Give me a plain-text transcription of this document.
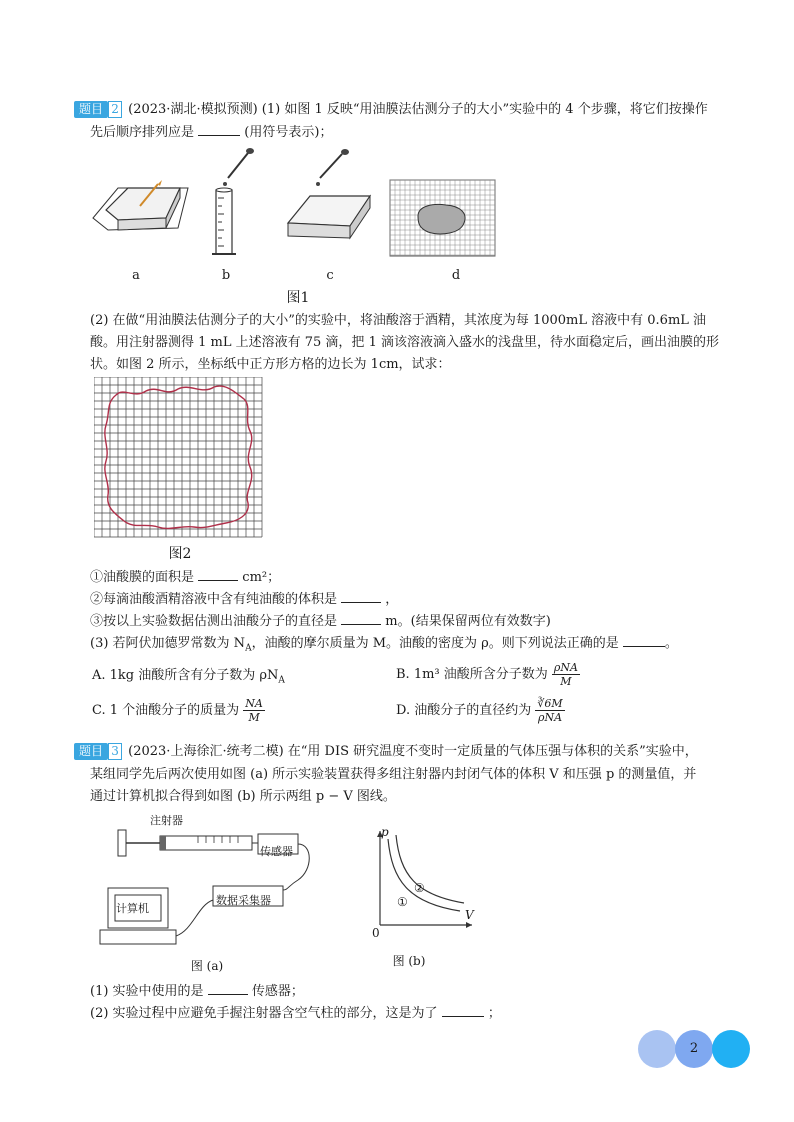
题目 2 (2023·湖北·模拟预测) (1) 如图 1 反映“用油膜法估测分子的大小”实验中的 4 个步骤，将它们按操作
先后顺序排列应是	(用符号表示)；
a	b	c	d
图1
(2) 在做“用油膜法估测分子的大小”的实验中，将油酸溶于酒精，其浓度为每 1000mL 溶液中有 0.6mL 油
酸。用注射器测得 1 mL 上述溶液有 75 滴，把 1 滴该溶液滴入盛水的浅盘里，待水面稳定后，画出油膜的形
状。如图 2 所示，坐标纸中正方形方格的边长为 1cm，试求：
图2
①油酸膜的面积是	cm²；
②每滴油酸酒精溶液中含有纯油酸的体积是	，
③按以上实验数据估测出油酸分子的直径是	m。(结果保留两位有效数字)
(3) 若阿伏加德罗常数为 $N_A$，油酸的摩尔质量为 M。油酸的密度为 ρ。则下列说法正确的是	。
A. 1kg 油酸所含有分子数为 $\rho N_A$	B. 1m³ 油酸所含分子数为 $\frac{\text{ρNA}}{M}$
C. 1 个油酸分子的质量为 $\frac{NA}{M}$	D. 油酸分子的直径约为 $\frac{∛6M}{\text{ρNA}}$
题目 3 (2023·上海徐汇·统考二模) 在“用 DIS 研究温度不变时一定质量的气体压强与体积的关系”实验中，
某组同学先后两次使用如图 (a) 所示实验装置获得多组注射器内封闭气体的体积 V 和压强 p 的测量值，并
通过计算机拟合得到如图 (b) 所示两组 p − V 图线。
注射器
传感器
计算机
数据采集器
图 (a)
p
V
0
①
②
图 (b)
(1) 实验中使用的是	传感器；
(2) 实验过程中应避免手握注射器含空气柱的部分，这是为了	；
2
